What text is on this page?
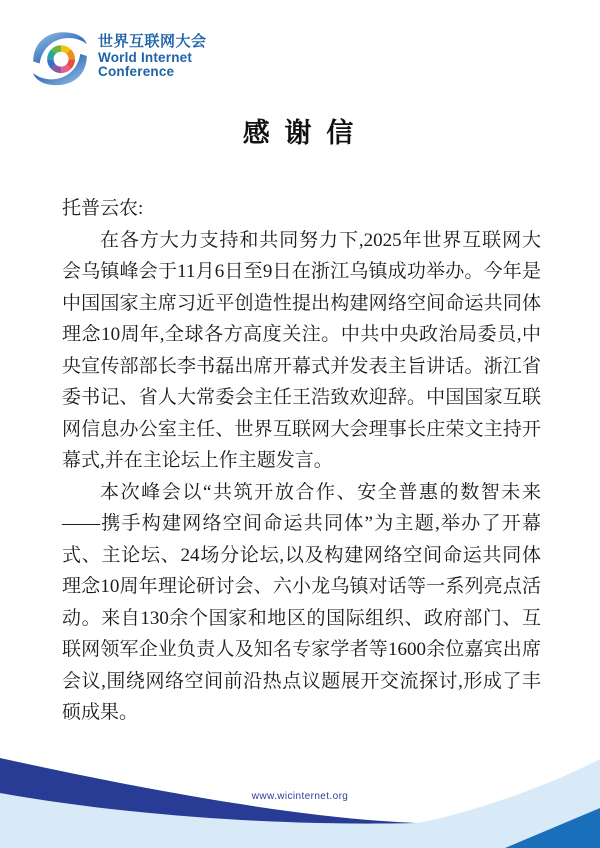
世界互联网大会
World Internet
Conference
感 谢 信

托普云农:

在各方大力支持和共同努力下,2025年世界互联网大会乌镇峰会于11月6日至9日在浙江乌镇成功举办。今年是中国国家主席习近平创造性提出构建网络空间命运共同体理念10周年,全球各方高度关注。中共中央政治局委员,中央宣传部部长李书磊出席开幕式并发表主旨讲话。浙江省委书记、省人大常委会主任王浩致欢迎辞。中国国家互联网信息办公室主任、世界互联网大会理事长庄荣文主持开幕式,并在主论坛上作主题发言。

本次峰会以“共筑开放合作、安全普惠的数智未来——携手构建网络空间命运共同体”为主题,举办了开幕式、主论坛、24场分论坛,以及构建网络空间命运共同体理念10周年理论研讨会、六小龙乌镇对话等一系列亮点活动。来自130余个国家和地区的国际组织、政府部门、互联网领军企业负责人及知名专家学者等1600余位嘉宾出席会议,围绕网络空间前沿热点议题展开交流探讨,形成了丰硕成果。

www.wicinternet.org
